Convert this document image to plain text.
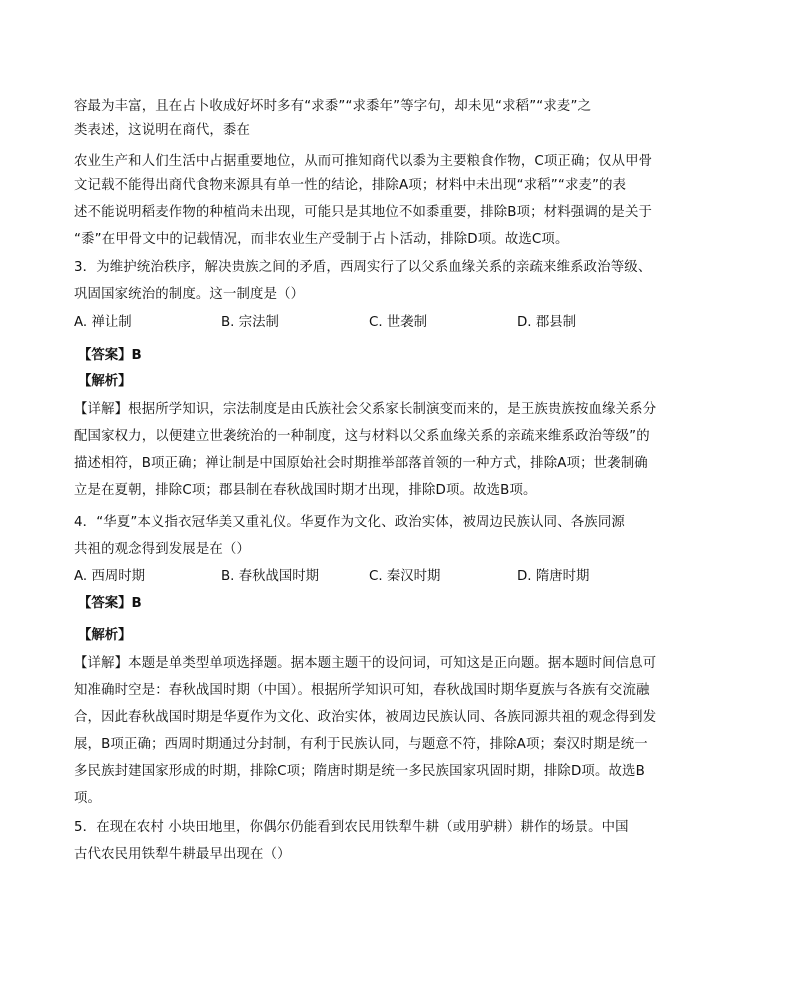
容最为丰富，且在占卜收成好坏时多有“求黍”“求黍年”等字句，却未见“求稻”“求麦”之
类表述，这说明在商代，黍在
农业生产和人们生活中占据重要地位，从而可推知商代以黍为主要粮食作物，C项正确；仅从甲骨
文记载不能得出商代食物来源具有单一性的结论，排除A项；材料中未出现“求稻”“求麦”的表
述不能说明稻麦作物的种植尚未出现，可能只是其地位不如黍重要，排除B项；材料强调的是关于
“黍”在甲骨文中的记载情况，而非农业生产受制于占卜活动，排除D项。故选C项。
3．为维护统治秩序，解决贵族之间的矛盾，西周实行了以父系血缘关系的亲疏来维系政治等级、
巩固国家统治的制度。这一制度是（）
A. 禅让制	B. 宗法制	C. 世袭制	D. 郡县制
【答案】B
【解析】
【详解】根据所学知识，宗法制度是由氏族社会父系家长制演变而来的，是王族贵族按血缘关系分
配国家权力，以便建立世袭统治的一种制度，这与材料以父系血缘关系的亲疏来维系政治等级”的
描述相符，B项正确；禅让制是中国原始社会时期推举部落首领的一种方式，排除A项；世袭制确
立是在夏朝，排除C项；郡县制在春秋战国时期才出现，排除D项。故选B项。
4．“华夏”本义指衣冠华美又重礼仪。华夏作为文化、政治实体，被周边民族认同、各族同源
共祖的观念得到发展是在（）
A. 西周时期	B. 春秋战国时期	C. 秦汉时期	D. 隋唐时期
【答案】B
【解析】
【详解】本题是单类型单项选择题。据本题主题干的设问词，可知这是正向题。据本题时间信息可
知准确时空是：春秋战国时期（中国）。根据所学知识可知，春秋战国时期华夏族与各族有交流融
合，因此春秋战国时期是华夏作为文化、政治实体，被周边民族认同、各族同源共祖的观念得到发
展，B项正确；西周时期通过分封制，有利于民族认同，与题意不符，排除A项；秦汉时期是统一
多民族封建国家形成的时期，排除C项；隋唐时期是统一多民族国家巩固时期，排除D项。故选B
项。
5．在现在农村 小块田地里，你偶尔仍能看到农民用铁犁牛耕（或用驴耕）耕作的场景。中国
古代农民用铁犁牛耕最早出现在（）
